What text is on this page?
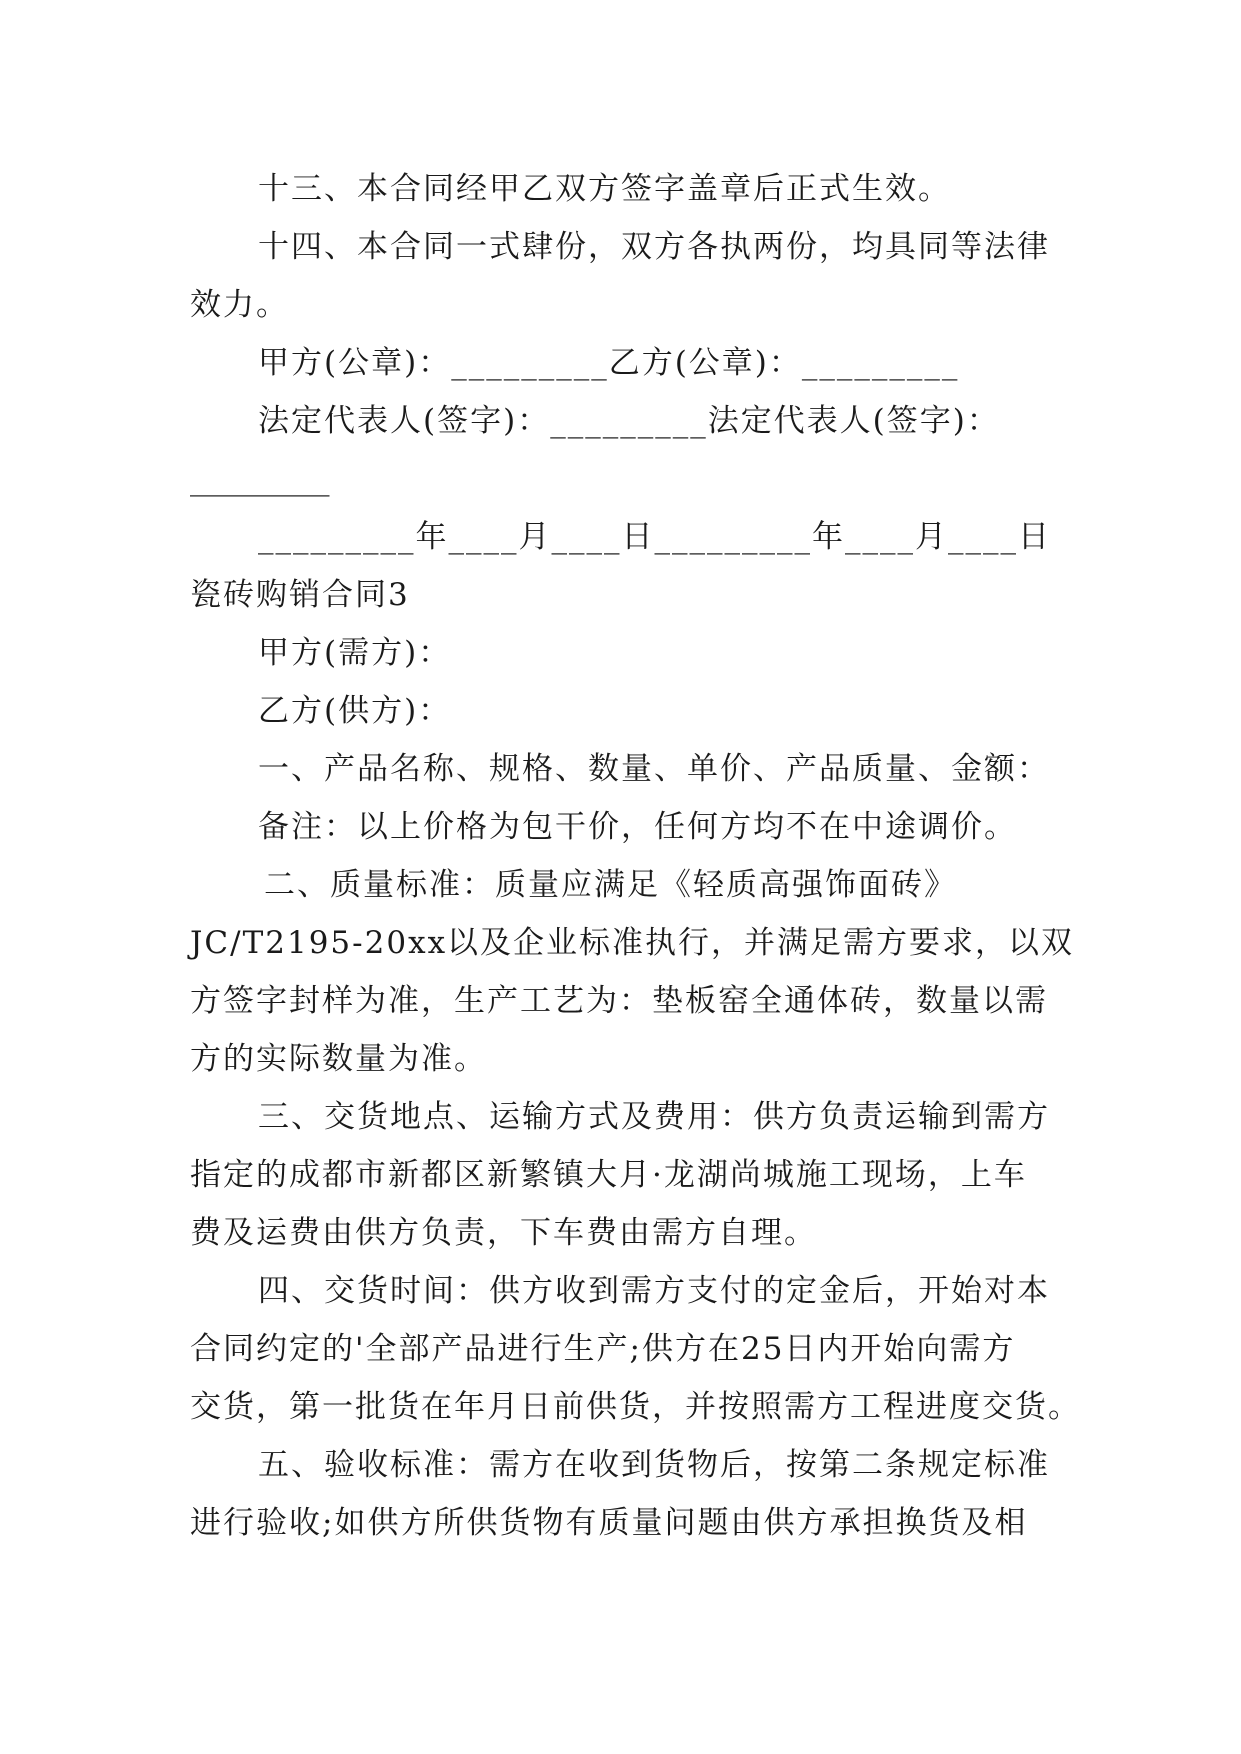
十三、本合同经甲乙双方签字盖章后正式生效。
十四、本合同一式肆份，双方各执两份，均具同等法律
效力。
甲方(公章)：_________乙方(公章)：_________
法定代表人(签字)：_________法定代表人(签字)：
_________
_________年____月____日_________年____月____日
瓷砖购销合同3
甲方(需方)：
乙方(供方)：
一、产品名称、规格、数量、单价、产品质量、金额：
备注：以上价格为包干价，任何方均不在中途调价。
二、质量标准：质量应满足《轻质高强饰面砖》
JC/T2195-20xx以及企业标准执行，并满足需方要求，以双
方签字封样为准，生产工艺为：垫板窑全通体砖，数量以需
方的实际数量为准。
三、交货地点、运输方式及费用：供方负责运输到需方
指定的成都市新都区新繁镇大月·龙湖尚城施工现场，上车
费及运费由供方负责，下车费由需方自理。
四、交货时间：供方收到需方支付的定金后，开始对本
合同约定的'全部产品进行生产;供方在25日内开始向需方
交货，第一批货在年月日前供货，并按照需方工程进度交货。
五、验收标准：需方在收到货物后，按第二条规定标准
进行验收;如供方所供货物有质量问题由供方承担换货及相
